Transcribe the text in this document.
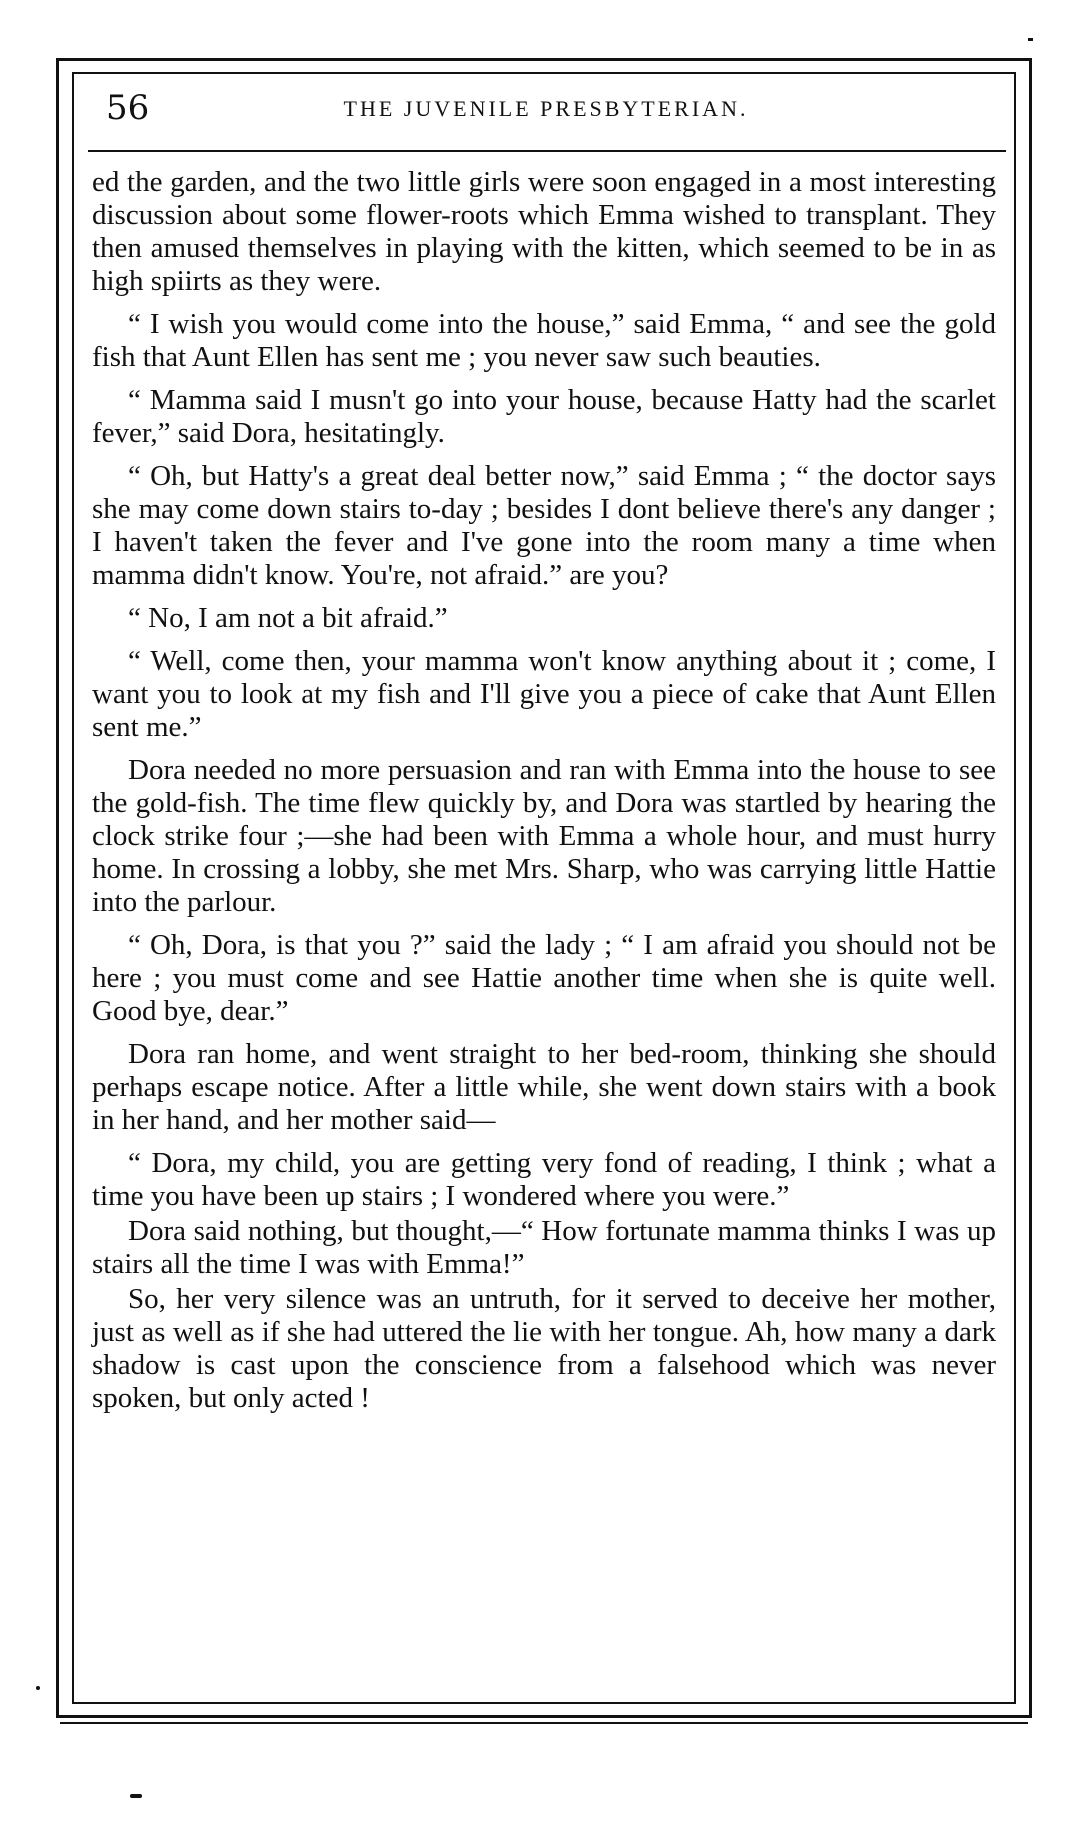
56	THE JUVENILE PRESBYTERIAN.

ed the garden, and the two little girls were soon engaged in a most interesting discussion about some flower-roots which Emma wished to transplant. They then amused themselves in playing with the kitten, which seemed to be in as high spiirts as they were.

“ I wish you would come into the house,” said Emma, “ and see the gold fish that Aunt Ellen has sent me ; you never saw such beauties.

“ Mamma said I musn't go into your house, because Hatty had the scarlet fever,” said Dora, hesitatingly.

“ Oh, but Hatty's a great deal better now,” said Emma ; “ the doctor says she may come down stairs to-day ; besides I dont believe there's any danger ; I haven't taken the fever and I've gone into the room many a time when mamma didn't know. You're, not afraid.” are you?

“ No, I am not a bit afraid.”

“ Well, come then, your mamma won't know anything about it ; come, I want you to look at my fish and I'll give you a piece of cake that Aunt Ellen sent me.”

Dora needed no more persuasion and ran with Emma into the house to see the gold-fish. The time flew quickly by, and Dora was startled by hearing the clock strike four ;—she had been with Emma a whole hour, and must hurry home. In crossing a lobby, she met Mrs. Sharp, who was carrying little Hattie into the parlour.

“ Oh, Dora, is that you ?” said the lady ; “ I am afraid you should not be here ; you must come and see Hattie another time when she is quite well. Good bye, dear.”

Dora ran home, and went straight to her bed-room, thinking she should perhaps escape notice. After a little while, she went down stairs with a book in her hand, and her mother said—

“ Dora, my child, you are getting very fond of reading, I think ; what a time you have been up stairs ; I wondered where you were.”

Dora said nothing, but thought,—“ How fortunate mamma thinks I was up stairs all the time I was with Emma!”

So, her very silence was an untruth, for it served to deceive her mother, just as well as if she had uttered the lie with her tongue. Ah, how many a dark shadow is cast upon the conscience from a falsehood which was never spoken, but only acted !
